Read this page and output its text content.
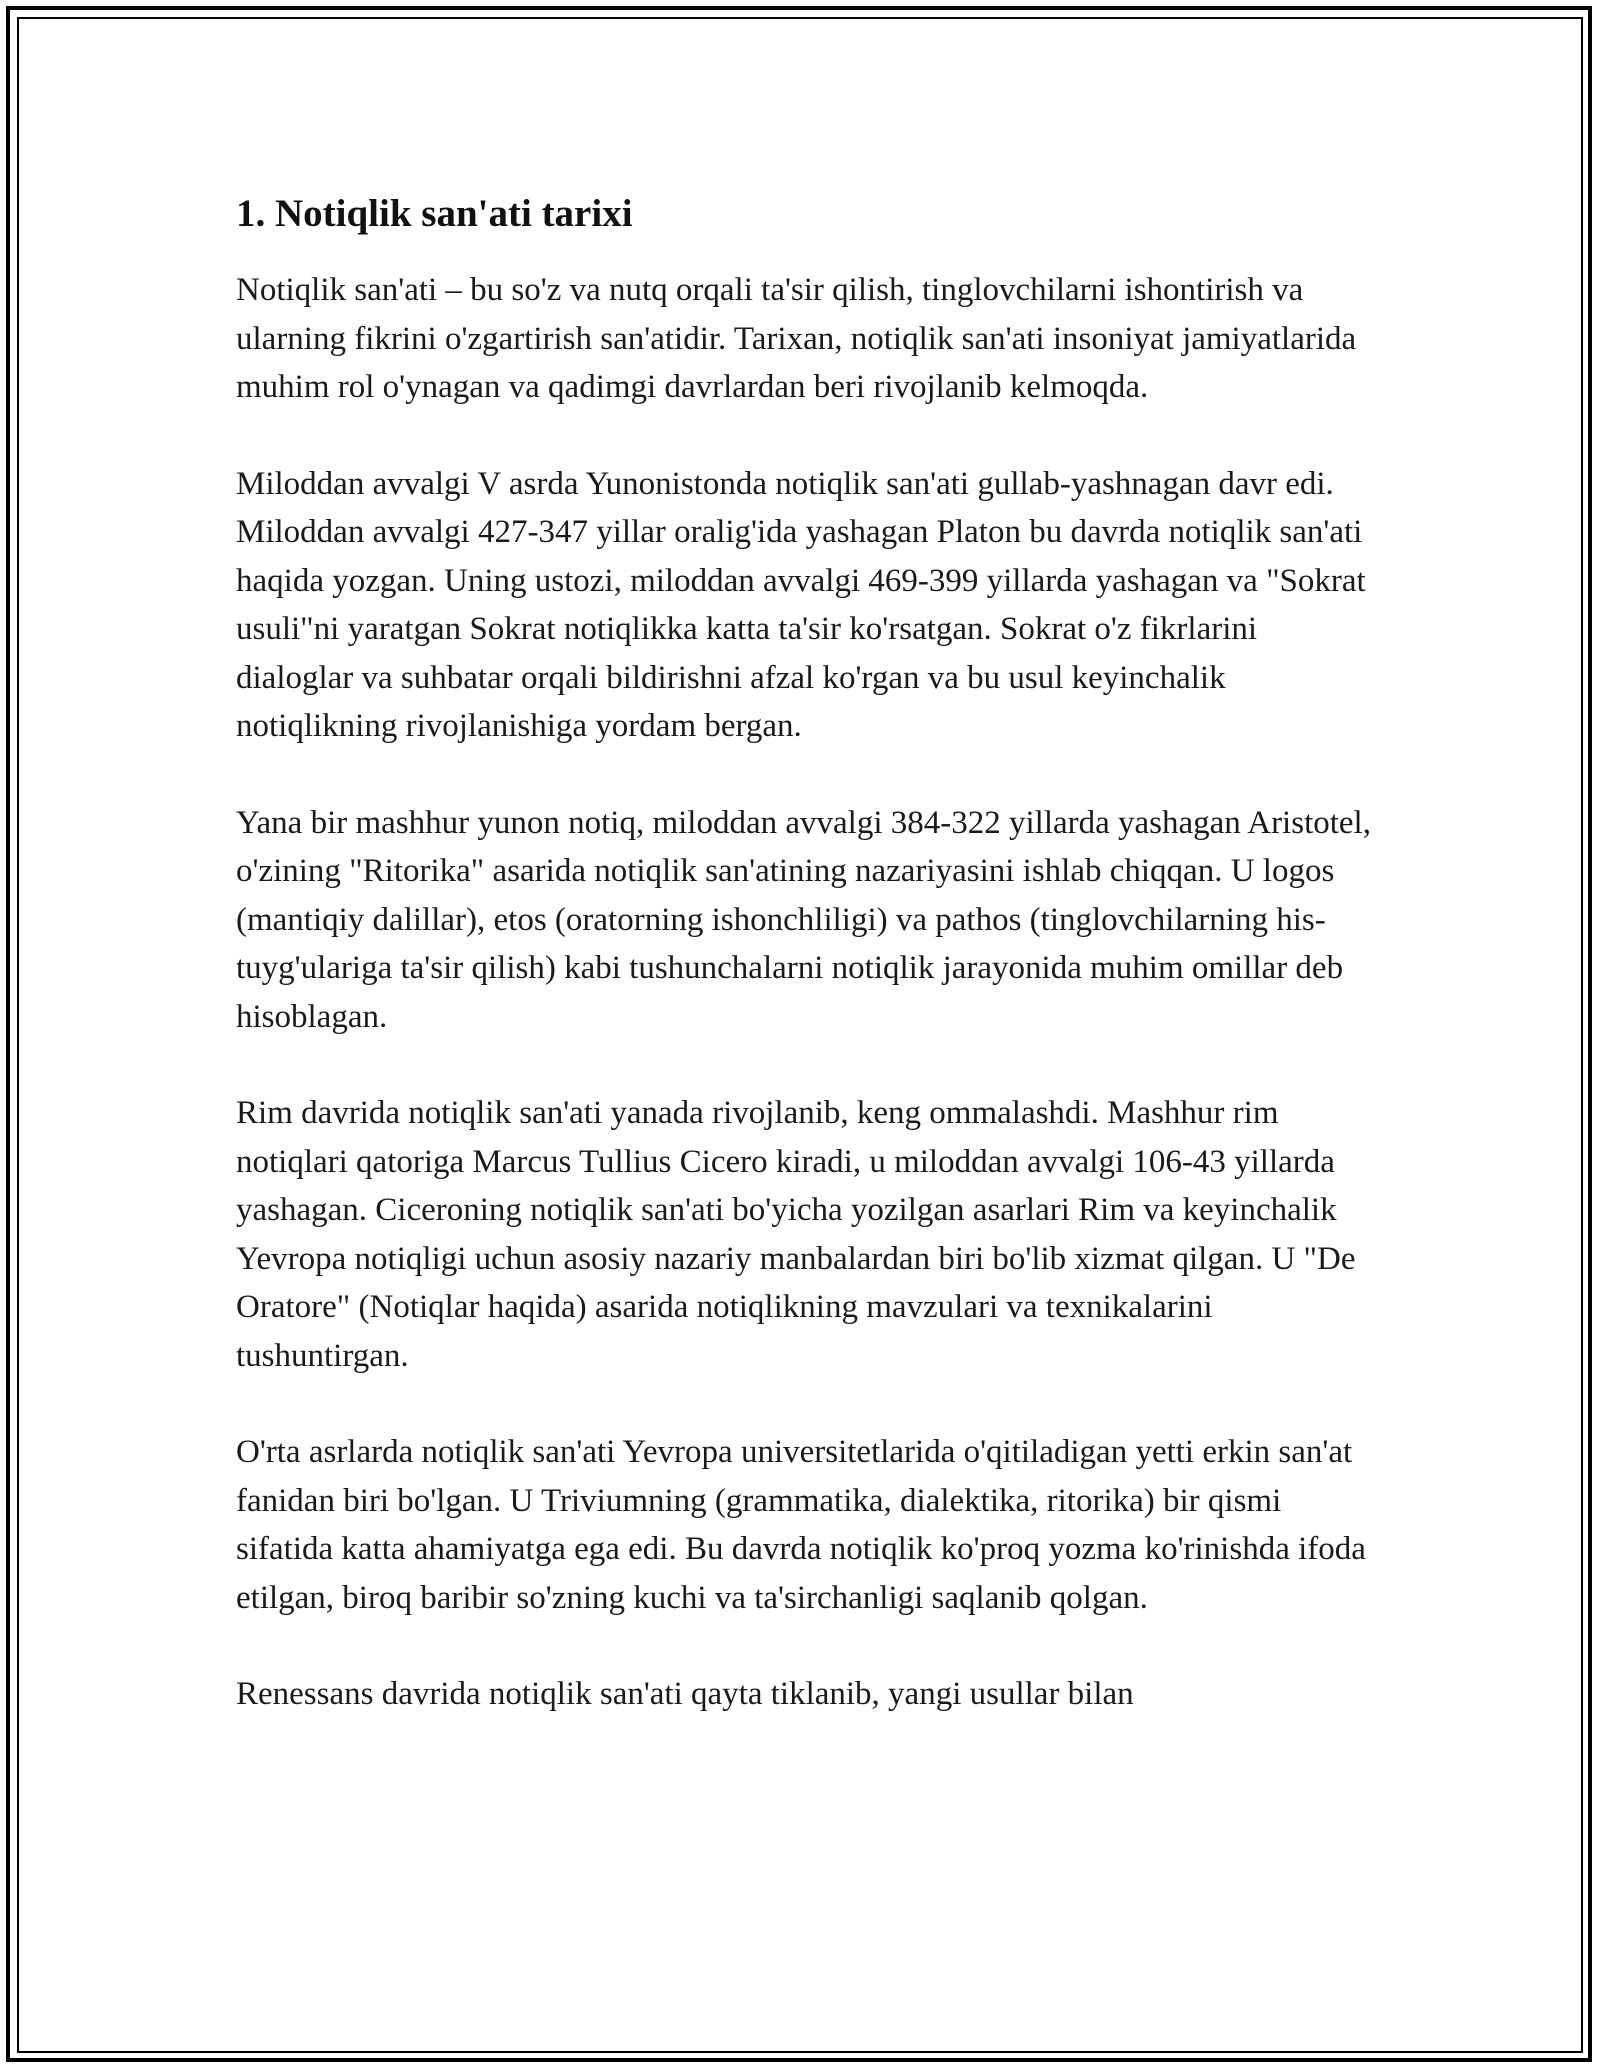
1. Notiqlik san'ati tarixi

Notiqlik san'ati – bu so'z va nutq orqali ta'sir qilish, tinglovchilarni ishontirish va ularning fikrini o'zgartirish san'atidir. Tarixan, notiqlik san'ati insoniyat jamiyatlarida muhim rol o'ynagan va qadimgi davrlardan beri rivojlanib kelmoqda.

Miloddan avvalgi V asrda Yunonistonda notiqlik san'ati gullab-yashnagan davr edi. Miloddan avvalgi 427-347 yillar oralig'ida yashagan Platon bu davrda notiqlik san'ati haqida yozgan. Uning ustozi, miloddan avvalgi 469-399 yillarda yashagan va "Sokrat usuli"ni yaratgan Sokrat notiqlikka katta ta'sir ko'rsatgan. Sokrat o'z fikrlarini dialoglar va suhbatar orqali bildirishni afzal ko'rgan va bu usul keyinchalik notiqlikning rivojlanishiga yordam bergan.

Yana bir mashhur yunon notiq, miloddan avvalgi 384-322 yillarda yashagan Aristotel, o'zining "Ritorika" asarida notiqlik san'atining nazariyasini ishlab chiqqan. U logos (mantiqiy dalillar), etos (oratorning ishonchliligi) va pathos (tinglovchilarning his-tuyg'ulariga ta'sir qilish) kabi tushunchalarni notiqlik jarayonida muhim omillar deb hisoblagan.

Rim davrida notiqlik san'ati yanada rivojlanib, keng ommalashdi. Mashhur rim notiqlari qatoriga Marcus Tullius Cicero kiradi, u miloddan avvalgi 106-43 yillarda yashagan. Ciceroning notiqlik san'ati bo'yicha yozilgan asarlari Rim va keyinchalik Yevropa notiqligi uchun asosiy nazariy manbalardan biri bo'lib xizmat qilgan. U "De Oratore" (Notiqlar haqida) asarida notiqlikning mavzulari va texnikalarini tushuntirgan.

O'rta asrlarda notiqlik san'ati Yevropa universitetlarida o'qitiladigan yetti erkin san'at fanidan biri bo'lgan. U Triviumning (grammatika, dialektika, ritorika) bir qismi sifatida katta ahamiyatga ega edi. Bu davrda notiqlik ko'proq yozma ko'rinishda ifoda etilgan, biroq baribir so'zning kuchi va ta'sirchanligi saqlanib qolgan.

Renessans davrida notiqlik san'ati qayta tiklanib, yangi usullar bilan
